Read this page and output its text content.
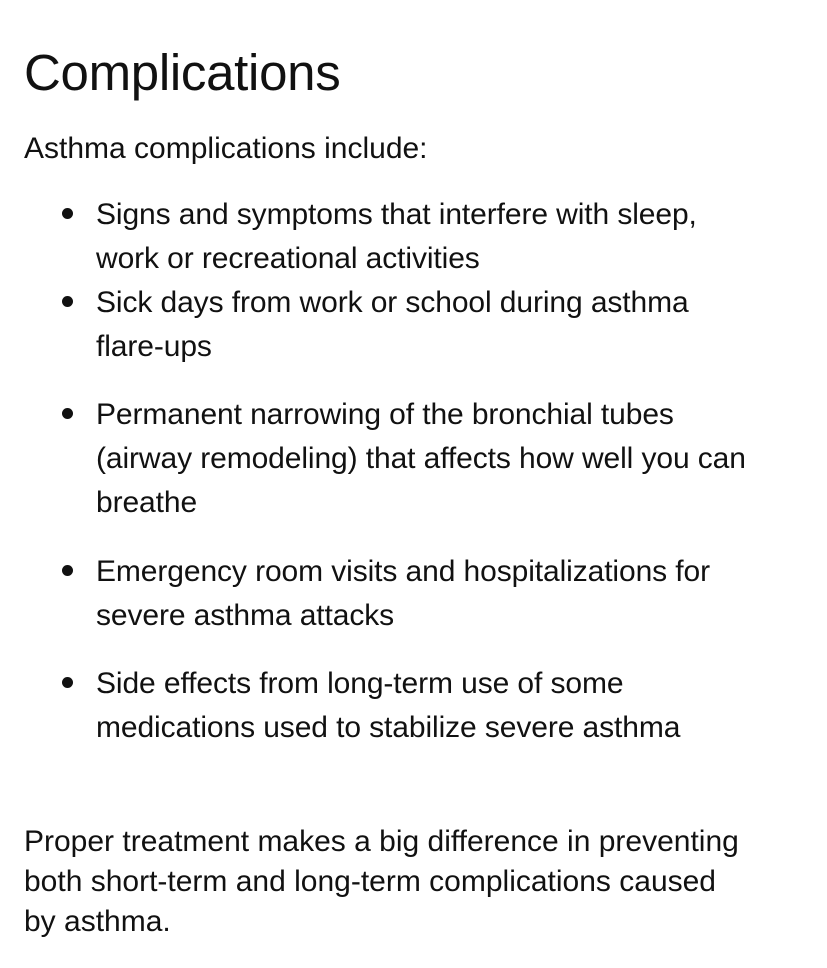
Complications

Asthma complications include:

Signs and symptoms that interfere with sleep,
work or recreational activities
Sick days from work or school during asthma
flare-ups
Permanent narrowing of the bronchial tubes
(airway remodeling) that affects how well you can
breathe
Emergency room visits and hospitalizations for
severe asthma attacks
Side effects from long-term use of some
medications used to stabilize severe asthma

Proper treatment makes a big difference in preventing
both short-term and long-term complications caused
by asthma.
